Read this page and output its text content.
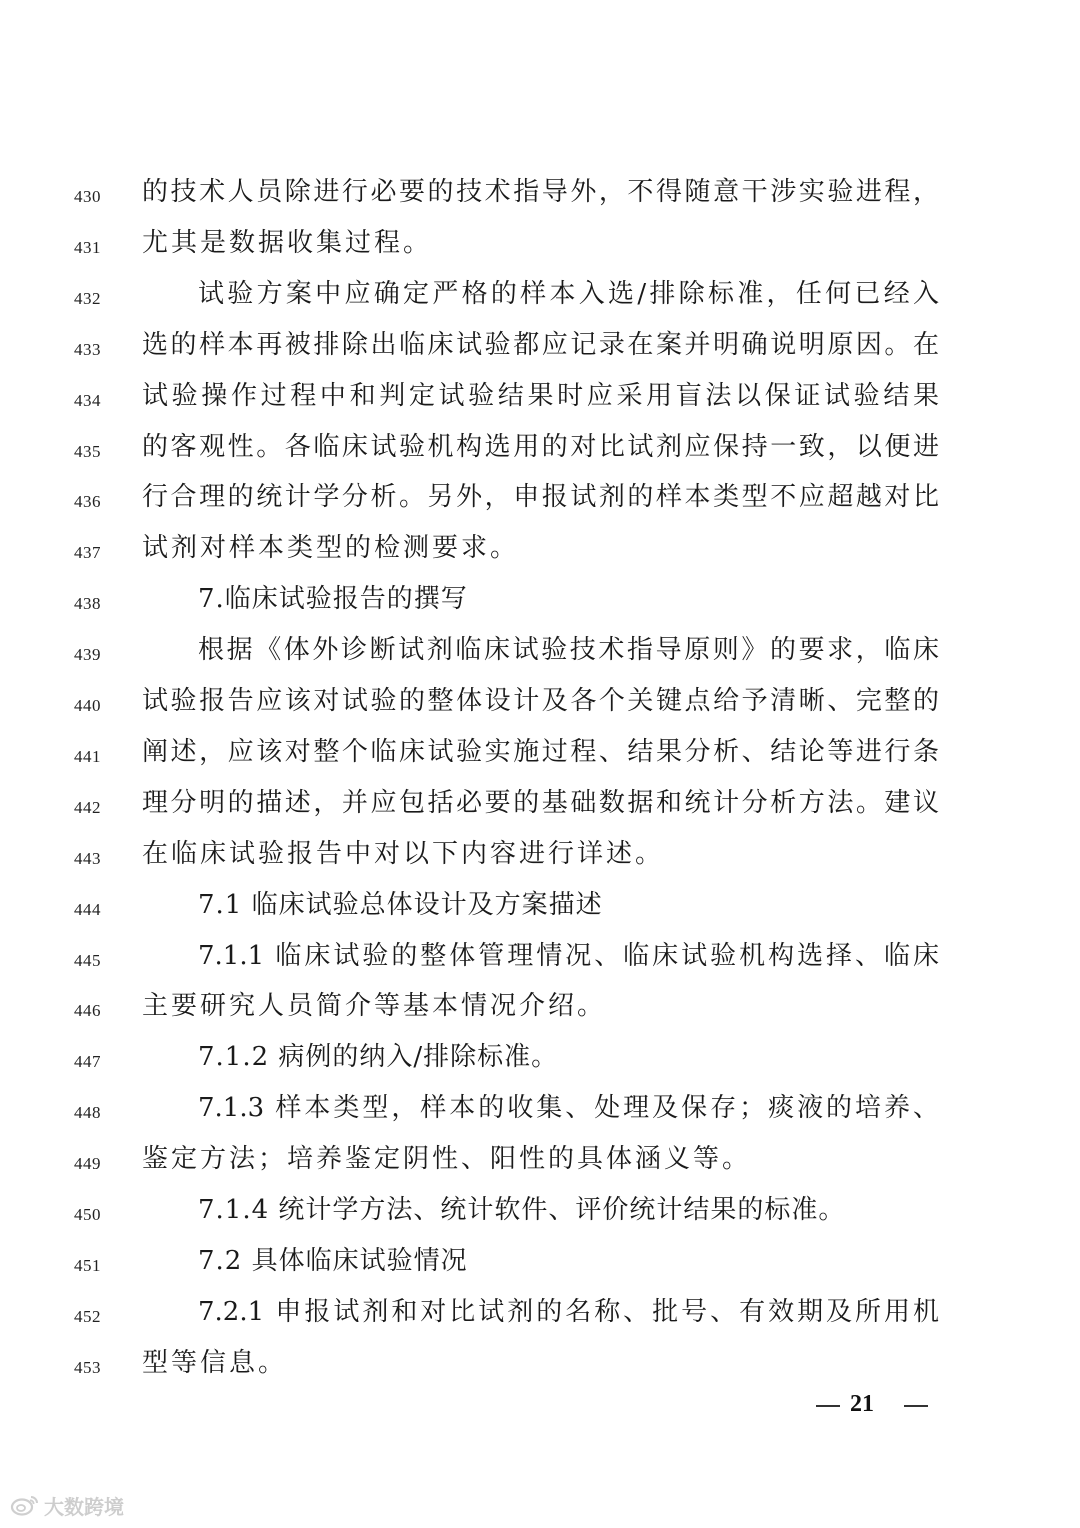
430	的技术人员除进行必要的技术指导外，不得随意干涉实验进程，
431	尤其是数据收集过程。
432	试验方案中应确定严格的样本入选/排除标准，任何已经入
433	选的样本再被排除出临床试验都应记录在案并明确说明原因。在
434	试验操作过程中和判定试验结果时应采用盲法以保证试验结果
435	的客观性。各临床试验机构选用的对比试剂应保持一致，以便进
436	行合理的统计学分析。另外，申报试剂的样本类型不应超越对比
437	试剂对样本类型的检测要求。
438	7.临床试验报告的撰写
439	根据《体外诊断试剂临床试验技术指导原则》的要求，临床
440	试验报告应该对试验的整体设计及各个关键点给予清晰、完整的
441	阐述，应该对整个临床试验实施过程、结果分析、结论等进行条
442	理分明的描述，并应包括必要的基础数据和统计分析方法。建议
443	在临床试验报告中对以下内容进行详述。
444	7.1 临床试验总体设计及方案描述
445	7.1.1 临床试验的整体管理情况、临床试验机构选择、临床
446	主要研究人员简介等基本情况介绍。
447	7.1.2 病例的纳入/排除标准。
448	7.1.3 样本类型，样本的收集、处理及保存；痰液的培养、
449	鉴定方法；培养鉴定阴性、阳性的具体涵义等。
450	7.1.4 统计学方法、统计软件、评价统计结果的标准。
451	7.2 具体临床试验情况
452	7.2.1 申报试剂和对比试剂的名称、批号、有效期及所用机
453	型等信息。
21
大数跨境
